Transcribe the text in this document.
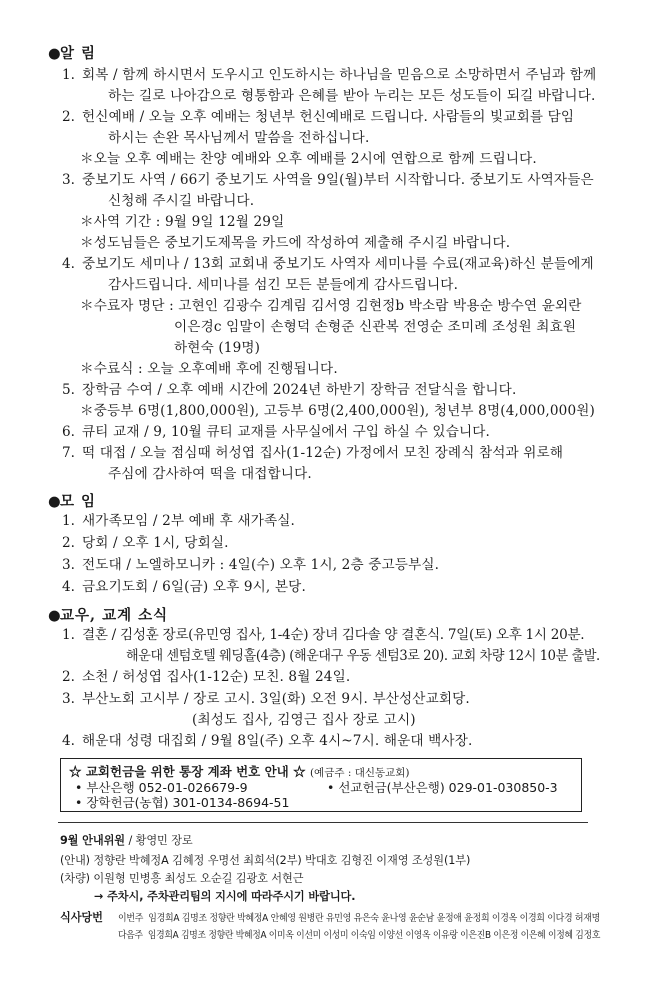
●알 림
1. 회복 / 함께 하시면서 도우시고 인도하시는 하나님을 믿음으로 소망하면서 주님과 함께
하는 길로 나아감으로 형통함과 은혜를 받아 누리는 모든 성도들이 되길 바랍니다.
2. 헌신예배 / 오늘 오후 예배는 청년부 헌신예배로 드립니다. 사람들의 빛교회를 담임
하시는 손완 목사님께서 말씀을 전하십니다.
＊오늘 오후 예배는 찬양 예배와 오후 예배를 2시에 연합으로 함께 드립니다.
3. 중보기도 사역 / 66기 중보기도 사역을 9일(월)부터 시작합니다. 중보기도 사역자들은
신청해 주시길 바랍니다.
＊사역 기간 : 9월 9일 12월 29일
＊성도님들은 중보기도제목을 카드에 작성하여 제출해 주시길 바랍니다.
4. 중보기도 세미나 / 13회 교회내 중보기도 사역자 세미나를 수료(재교육)하신 분들에게
감사드립니다. 세미나를 섬긴 모든 분들에게 감사드립니다.
＊수료자 명단 : 고현인 김광수 김계림 김서영 김현정b 박소람 박용순 방수연 윤외란
이은경c 임말이 손형덕 손형준 신관복 전영순 조미례 조성원 최효원
하현숙 (19명)
＊수료식 : 오늘 오후예배 후에 진행됩니다.
5. 장학금 수여 / 오후 예배 시간에 2024년 하반기 장학금 전달식을 합니다.
＊중등부 6명(1,800,000원), 고등부 6명(2,400,000원), 청년부 8명(4,000,000원)
6. 큐티 교재 / 9, 10월 큐티 교재를 사무실에서 구입 하실 수 있습니다.
7. 떡 대접 / 오늘 점심때 허성엽 집사(1-12순) 가정에서 모친 장례식 참석과 위로해
주심에 감사하여 떡을 대접합니다.
●모 임
1. 새가족모임 / 2부 예배 후 새가족실.
2. 당회 / 오후 1시, 당회실.
3. 전도대 / 노엘하모니카 : 4일(수) 오후 1시, 2층 중고등부실.
4. 금요기도회 / 6일(금) 오후 9시, 본당.
●교우, 교계 소식
1. 결혼 / 김성훈 장로(유민영 집사, 1-4순) 장녀 김다솔 양 결혼식. 7일(토) 오후 1시 20분.
해운대 센텀호텔 웨딩홀(4층) (해운대구 우동 센텀3로 20). 교회 차량 12시 10분 출발.
2. 소천 / 허성엽 집사(1-12순) 모친. 8월 24일.
3. 부산노회 고시부 / 장로 고시. 3일(화) 오전 9시. 부산성산교회당.
(최성도 집사, 김영근 집사 장로 고시)
4. 해운대 성령 대집회 / 9월 8일(주) 오후 4시~7시. 해운대 백사장.
☆ 교회헌금을 위한 통장 계좌 번호 안내 ☆ (예금주 : 대신동교회)
• 부산은행 052-01-026679-9	• 선교헌금(부산은행) 029-01-030850-3
• 장학헌금(농협) 301-0134-8694-51
9월 안내위원 / 황영민 장로
(안내) 정향란 박혜정A 김혜정 우명선 최희석(2부) 박대호 김형진 이재영 조성원(1부)
(차량) 이원형 민병흥 최성도 오순길 김광호 서현근
→ 주차시, 주차관리팀의 지시에 따라주시기 바랍니다.
식사당번 이번주 임경희A 김명조 정향란 박혜정A 안혜영 원병란 유민영 유은숙 윤나영 윤순남 윤정애 윤정희 이경옥 이경희 이다경 허재명
다음주 임경희A 김명조 정향란 박혜정A 이미옥 이선미 이성미 이숙임 이양선 이영옥 이유랑 이은진B 이은정 이은혜 이정혜 김정호
